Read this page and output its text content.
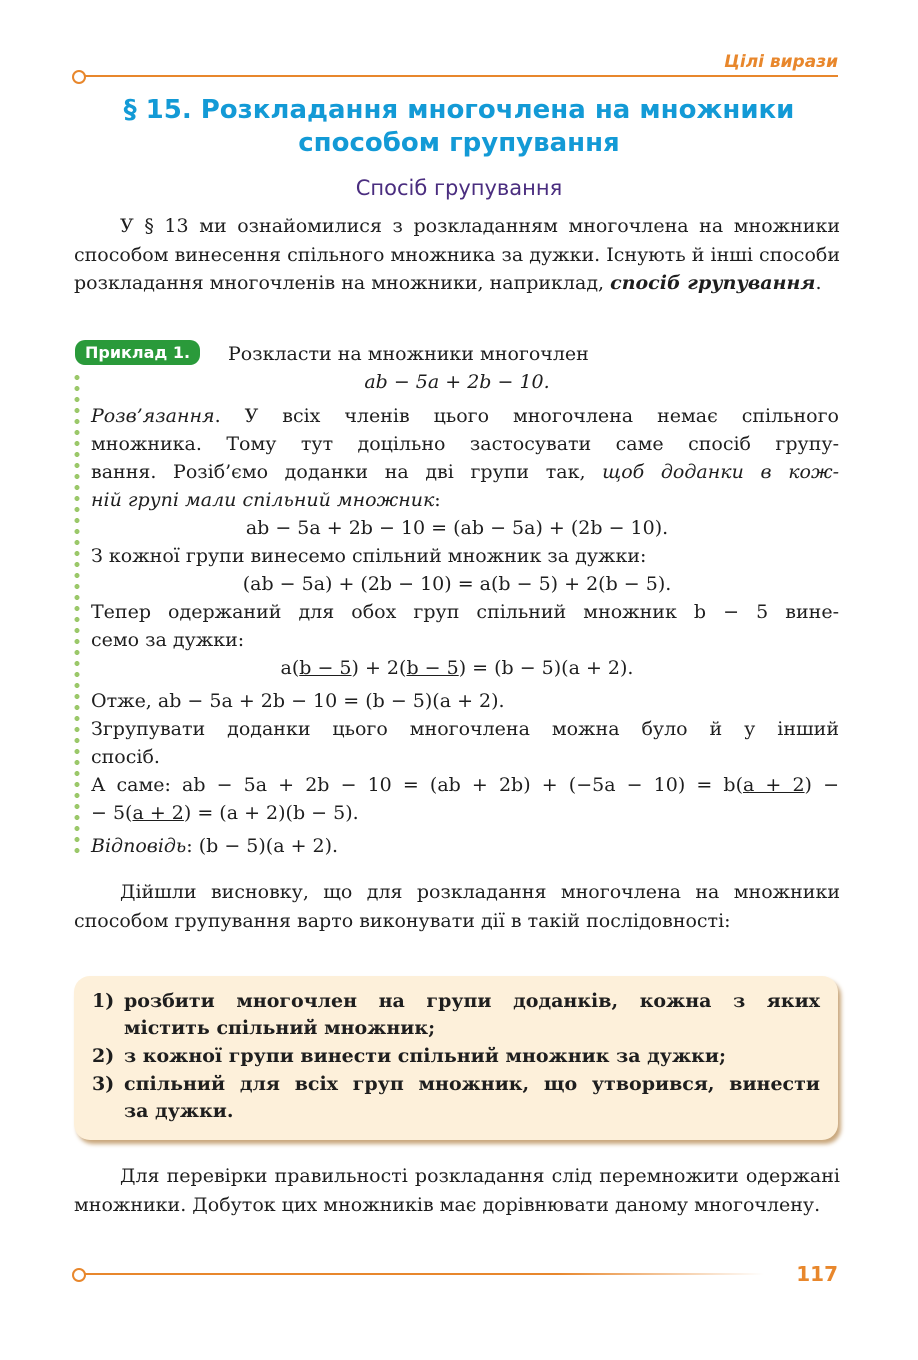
Цілі вирази
§ 15. Розкладання многочлена на множники
способом групування
Спосіб групування
У § 13 ми ознайомилися з розкладанням многочлена на множники способом винесення спільного множника за дужки. Існують й інші способи розкладання многочленів на множники, наприклад, спосіб групування.
Приклад 1.	Розкласти на множники многочлен
ab − 5a + 2b − 10.
Розв’язання. У всіх членів цього многочлена немає спільного
множника. Тому тут доцільно застосувати саме спосіб групу-
вання. Розіб’ємо доданки на дві групи так, щоб доданки в кож-
ній групі мали спільний множник:
ab − 5a + 2b − 10 = (ab − 5a) + (2b − 10).
З кожної групи винесемо спільний множник за дужки:
(ab − 5a) + (2b − 10) = a(b − 5) + 2(b − 5).
Тепер одержаний для обох груп спільний множник b − 5 вине-
семо за дужки:
a(b − 5) + 2(b − 5) = (b − 5)(a + 2).
Отже, ab − 5a + 2b − 10 = (b − 5)(a + 2).
Згрупувати доданки цього многочлена можна було й у інший
спосіб.
А саме: ab − 5a + 2b − 10 = (ab + 2b) + (−5a − 10) = b(a + 2) −
− 5(a + 2) = (a + 2)(b − 5).
Відповідь: (b − 5)(a + 2).
Дійшли висновку, що для розкладання многочлена на множники способом групування варто виконувати дії в такій послідовності:
1) розбити многочлен на групи доданків, кожна з яких
містить спільний множник;
2) з кожної групи винести спільний множник за дужки;
3) спільний для всіх груп множник, що утворився, винести
за дужки.
Для перевірки правильності розкладання слід перемножити одержані множники. Добуток цих множників має дорівнювати даному многочлену.
117
